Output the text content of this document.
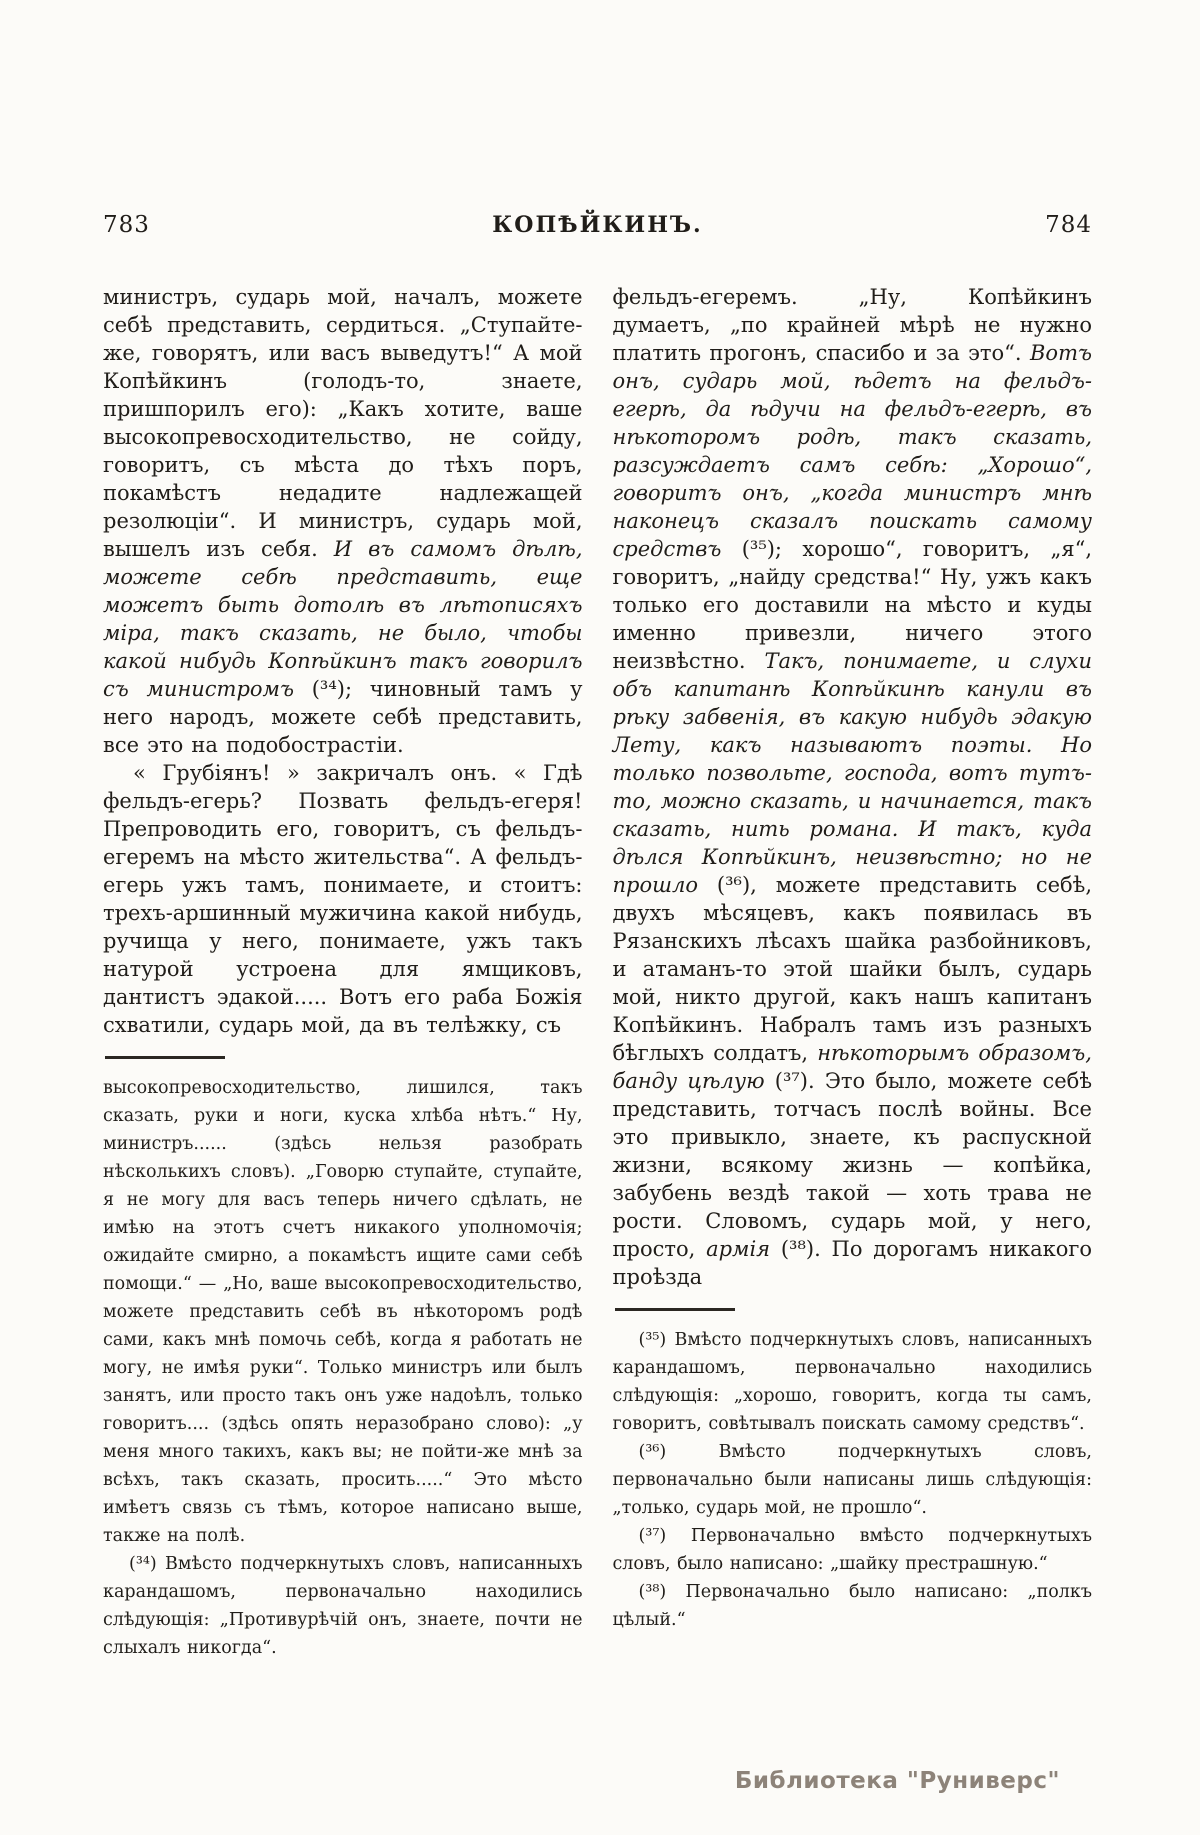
783	КОПѢЙКИНЪ.	784

министръ, сударь мой, началъ, можете себѣ представить, сердиться. „Ступайте-же, говорятъ, или васъ выведутъ!“ А мой Копѣйкинъ (голодъ-то, знаете, пришпорилъ его): „Какъ хотите, ваше высокопревосходительство, не сойду, говоритъ, съ мѣста до тѣхъ поръ, покамѣстъ недадите надлежащей резолюціи“. И министръ, сударь мой, вышелъ изъ себя. И въ самомъ дѣлѣ, можете себѣ представить, еще можетъ быть дотолѣ въ лѣтописяхъ міра, такъ сказать, не было, чтобы какой нибудь Копѣйкинъ такъ говорилъ съ министромъ (³⁴); чиновный тамъ у него народъ, можете себѣ представить, все это на подобострастіи.

« Грубіянъ! » закричалъ онъ. « Гдѣ фельдъ-егерь? Позвать фельдъ-егеря! Препроводить его, говоритъ, съ фельдъ-егеремъ на мѣсто жительства“. А фельдъ-егерь ужъ тамъ, понимаете, и стоитъ: трехъ-аршинный мужичина какой нибудь, ручища у него, понимаете, ужъ такъ натурой устроена для ямщиковъ, дантистъ эдакой..... Вотъ его раба Божія схватили, сударь мой, да въ телѣжку, съ

высокопревосходительство, лишился, такъ сказать, руки и ноги, куска хлѣба нѣтъ.“ Ну, министръ...... (здѣсь нельзя разобрать нѣсколькихъ словъ). „Говорю ступайте, ступайте, я не могу для васъ теперь ничего сдѣлать, не имѣю на этотъ счетъ никакого уполномочія; ожидайте смирно, а покамѣстъ ищите сами себѣ помощи.“ — „Но, ваше высокопревосходительство, можете представить себѣ въ нѣкоторомъ родѣ сами, какъ мнѣ помочь себѣ, когда я работать не могу, не имѣя руки“. Только министръ или былъ занятъ, или просто такъ онъ уже надоѣлъ, только говоритъ.... (здѣсь опять неразобрано слово): „у меня много такихъ, какъ вы; не пойти-же мнѣ за всѣхъ, такъ сказать, просить.....“ Это мѣсто имѣетъ связь съ тѣмъ, которое написано выше, также на полѣ.

(³⁴) Вмѣсто подчеркнутыхъ словъ, написанныхъ карандашомъ, первоначально находились слѣдующія: „Противурѣчій онъ, знаете, почти не слыхалъ никогда“.

фельдъ-егеремъ. „Ну, Копѣйкинъ думаетъ, „по крайней мѣрѣ не нужно платить прогонъ, спасибо и за это“. Вотъ онъ, сударь мой, ѣдетъ на фельдъ-егерѣ, да ѣдучи на фельдъ-егерѣ, въ нѣкоторомъ родѣ, такъ сказать, разсуждаетъ самъ себѣ: „Хорошо“, говоритъ онъ, „когда министръ мнѣ наконецъ сказалъ поискать самому средствъ (³⁵); хорошо“, говоритъ, „я“, говоритъ, „найду средства!“ Ну, ужъ какъ только его доставили на мѣсто и куды именно привезли, ничего этого неизвѣстно. Такъ, понимаете, и слухи объ капитанѣ Копѣйкинѣ канули въ рѣку забвенія, въ какую нибудь эдакую Лету, какъ называютъ поэты. Но только позвольте, господа, вотъ тутъ-то, можно сказать, и начинается, такъ сказать, нить романа. И такъ, куда дѣлся Копѣйкинъ, неизвѣстно; но не прошло (³⁶), можете представить себѣ, двухъ мѣсяцевъ, какъ появилась въ Рязанскихъ лѣсахъ шайка разбойниковъ, и атаманъ-то этой шайки былъ, сударь мой, никто другой, какъ нашъ капитанъ Копѣйкинъ. Набралъ тамъ изъ разныхъ бѣглыхъ солдатъ, нѣкоторымъ образомъ, банду цѣлую (³⁷). Это было, можете себѣ представить, тотчасъ послѣ войны. Все это привыкло, знаете, къ распускной жизни, всякому жизнь — копѣйка, забубень вездѣ такой — хоть трава не рости. Словомъ, сударь мой, у него, просто, армія (³⁸). По дорогамъ никакого проѣзда

(³⁵) Вмѣсто подчеркнутыхъ словъ, написанныхъ карандашомъ, первоначально находились слѣдующія: „хорошо, говоритъ, когда ты самъ, говоритъ, совѣтывалъ поискать самому средствъ“.

(³⁶) Вмѣсто подчеркнутыхъ словъ, первоначально были написаны лишь слѣдующія: „только, сударь мой, не прошло“.

(³⁷) Первоначально вмѣсто подчеркнутыхъ словъ, было написано: „шайку престрашную.“

(³⁸) Первоначально было написано: „полкъ цѣлый.“

Библиотека "Руниверс"
